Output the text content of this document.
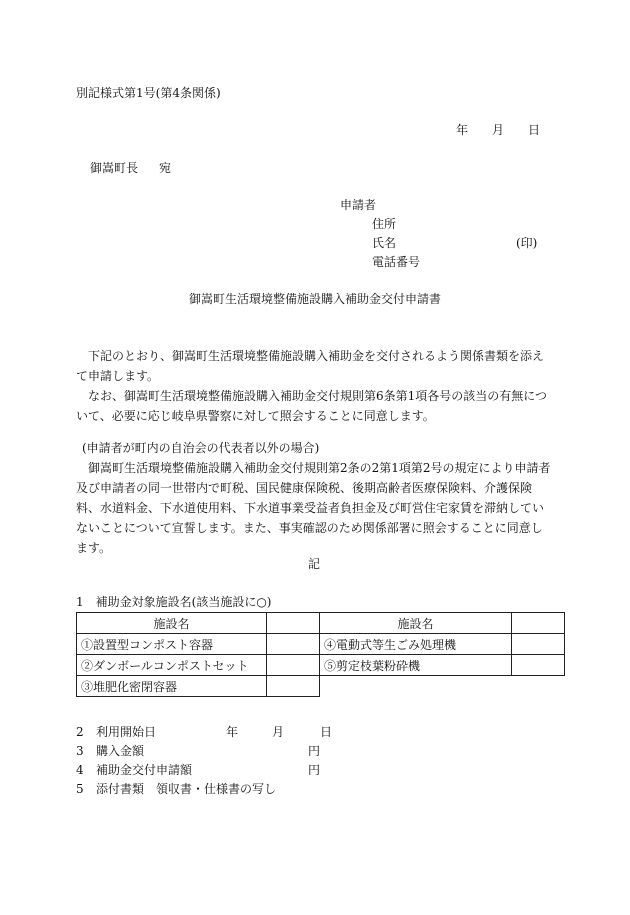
別記様式第1号(第4条関係)
年 月 日
御嵩町長 宛
申請者
住所
氏名	(印)
電話番号
御嵩町生活環境整備施設購入補助金交付申請書
下記のとおり、御嵩町生活環境整備施設購入補助金を交付されるよう関係書類を添えて申請します。
なお、御嵩町生活環境整備施設購入補助金交付規則第6条第1項各号の該当の有無について、必要に応じ岐阜県警察に対して照会することに同意します。
(申請者が町内の自治会の代表者以外の場合)
御嵩町生活環境整備施設購入補助金交付規則第2条の2第1項第2号の規定により申請者及び申請者の同一世帯内で町税、国民健康保険税、後期高齢者医療保険料、介護保険料、水道料金、下水道使用料、下水道事業受益者負担金及び町営住宅家賃を滞納していないことについて宣誓します。また、事実確認のため関係部署に照会することに同意します。
記
1　補助金対象施設名(該当施設に○)
施設名		施設名	
①設置型コンポスト容器		④電動式等生ごみ処理機	
②ダンボールコンポストセット		⑤剪定枝葉粉砕機	
③堆肥化密閉容器			
2 利用開始日	年	月	日
3 購入金額	円
4 補助金交付申請額	円
5 添付書類 領収書・仕様書の写し
